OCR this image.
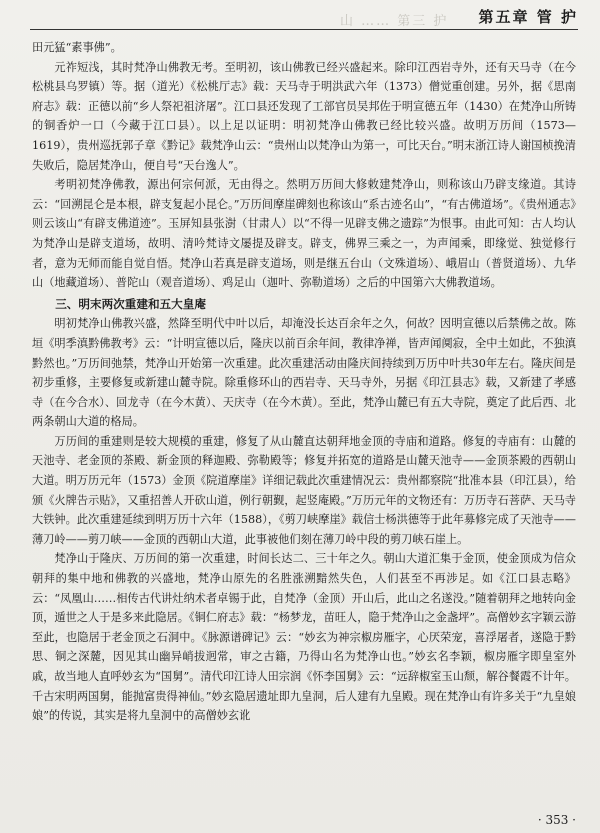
山 …… 第三 护 第五章 管 护

田元猛“素事佛”。

元祚短浅，其时梵净山佛教无考。至明初，该山佛教已经兴盛起来。除印江西岩寺外，还有天马寺（在今松桃县乌罗镇）等。据（道光）《松桃厅志》载：天马寺于明洪武六年（1373）僧觉重创建。另外，据《思南府志》载：正德以前“乡人祭祀祖济屠”。江口县还发现了工部官员吴邦佐于明宣德五年（1430）在梵净山所铸的铜香炉一口（今藏于江口县）。以上足以证明：明初梵净山佛教已经比较兴盛。故明万历间（1573—1619），贵州巡抚郭子章《黔记》载梵净山云：“贵州山以梵净山为第一，可比天台。”明末浙江诗人谢国桢挽清失败后，隐居梵净山，便自号“天台逸人”。

考明初梵净佛教，源出何宗何派，无由得之。然明万历间大修敕建梵净山，则称该山乃辟支缘道。其诗云：“回溯昆仑是本根，辟支复起小昆仑。”万历间摩崖碑刻也称该山“系古迹名山”，“有古佛道场”。《贵州通志》则云该山“有辟支佛道迹”。玉屏知县张澍（甘肃人）以“不得一见辟支佛之遗踪”为恨事。由此可知：古人均认为梵净山是辟支道场，故明、清吟梵诗文屡提及辟支。辟支，佛界三乘之一，为声闻乘，即缘觉、独觉修行者，意为无师而能自觉自悟。梵净山若真是辟支道场，则是继五台山（文殊道场）、峨眉山（普贤道场）、九华山（地藏道场）、普陀山（观音道场）、鸡足山（迦叶、弥勒道场）之后的中国第六大佛教道场。

三、明末两次重建和五大皇庵

明初梵净山佛教兴盛，然降至明代中叶以后，却淹没长达百余年之久，何故？因明宣德以后禁佛之故。陈垣《明季滇黔佛教考》云：“计明宣德以后，隆庆以前百余年间，教律净禅，皆声闻阒寂，全中土如此，不独滇黔然也。”万历间弛禁，梵净山开始第一次重建。此次重建活动由隆庆间持续到万历中叶共30年左右。隆庆间是初步重修，主要修复或新建山麓寺院。除重修环山的西岩寺、天马寺外，另据《印江县志》载，又新建了孝感寺（在今合水）、回龙寺（在今木黄）、天庆寺（在今木黄）。至此，梵净山麓已有五大寺院，奠定了此后西、北两条朝山大道的格局。

万历间的重建则是较大规模的重建，修复了从山麓直达朝拜地金顶的寺庙和道路。修复的寺庙有：山麓的天池寺、老金顶的茶殿、新金顶的释迦殿、弥勒殿等；修复并拓宽的道路是山麓天池寺——金顶茶殿的西朝山大道。明万历元年（1573）金顶《院道摩崖》详细记载此次重建情况云：贵州都察院“批准本县（印江县），给颁《火牌告示贴》，又重招善人开砍山道，例行朝觐，起竖庵殿。”万历元年的文物还有：万历寺石菩萨、天马寺大铁钟。此次重建延续到明万历十六年（1588），《剪刀峡摩崖》载信士杨洪德等于此年募修完成了天池寺——薄刀岭——剪刀峡——金顶的西朝山大道，此事被他们刻在薄刀岭中段的剪刀峡石崖上。

梵净山于隆庆、万历间的第一次重建，时间长达二、三十年之久。朝山大道汇集于金顶，使金顶成为信众朝拜的集中地和佛教的兴盛地，梵净山原先的名胜涨溯黯然失色，人们甚至不再涉足。如《江口县志略》云：“凤凰山……相传古代讲灶纳术者卓锡于此，自梵净（金顶）开山后，此山之名遂没。”随着朝拜之地转向金顶，遁世之人于是多来此隐居。《铜仁府志》载：“杨梦龙，苗旺人，隐于梵净山之金盏坪”。高僧妙玄字颖云游至此，也隐居于老金顶之石洞中。《脉源谱碑记》云：“妙玄为神宗椒房雁字，心厌荣宠，喜浮屠者，遂隐于黔思、铜之深麓，因见其山幽异峭拔迥常，审之古籍，乃得山名为梵净山也。”妙玄名李颖，椒房雁字即皇室外戚，故当地人直呼妙玄为“国舅”。清代印江诗人田宗润《怀李国舅》云：“远辞椒室玉山颓，解谷餐霞不计年。千古宋明两国舅，能抛富贵得神仙。”妙玄隐居遗址即九皇洞，后人建有九皇殿。现在梵净山有许多关于“九皇娘娘”的传说，其实是将九皇洞中的高僧妙玄讹

· 353 ·
